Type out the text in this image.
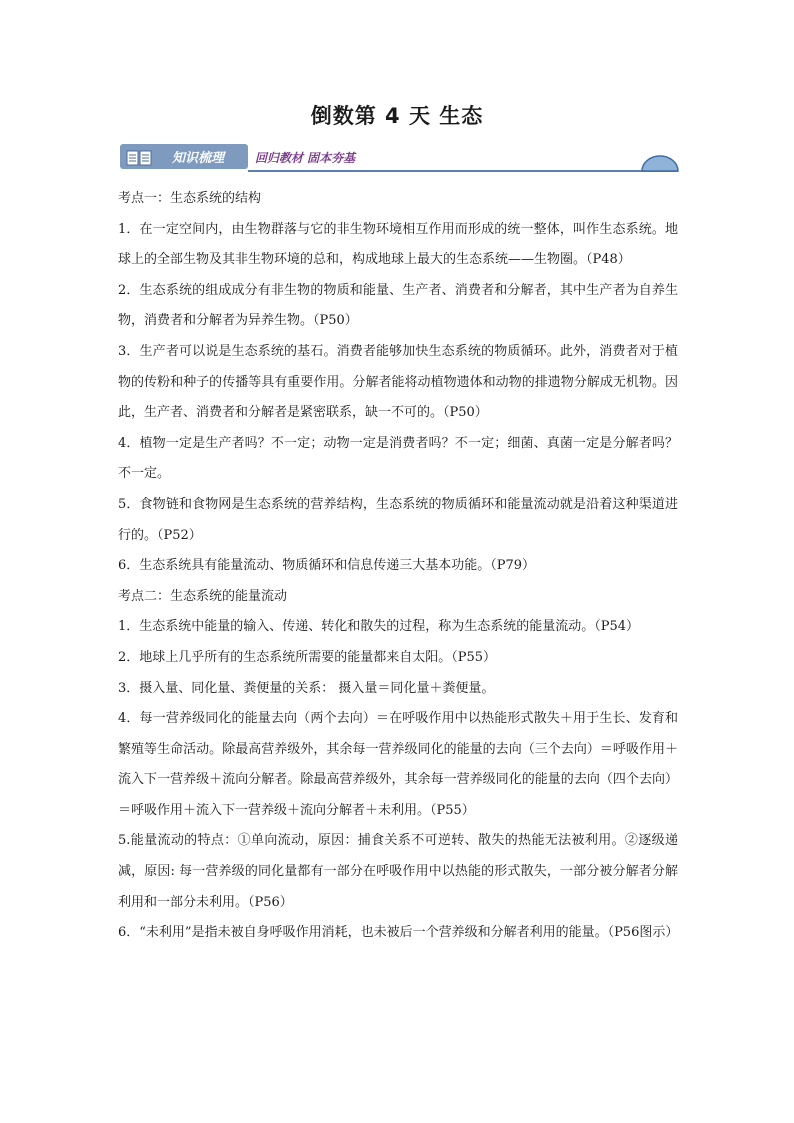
倒数第 4 天 生态
知识梳理	回归教材 固本夯基

考点一：生态系统的结构

1．在一定空间内，由生物群落与它的非生物环境相互作用而形成的统一整体，叫作生态系统。地球上的全部生物及其非生物环境的总和，构成地球上最大的生态系统——生物圈。（P48）

2．生态系统的组成成分有非生物的物质和能量、生产者、消费者和分解者，其中生产者为自养生物，消费者和分解者为异养生物。（P50）

3．生产者可以说是生态系统的基石。消费者能够加快生态系统的物质循环。此外，消费者对于植物的传粉和种子的传播等具有重要作用。分解者能将动植物遗体和动物的排遗物分解成无机物。因此，生产者、消费者和分解者是紧密联系，缺一不可的。（P50）

4．植物一定是生产者吗？不一定；动物一定是消费者吗？不一定；细菌、真菌一定是分解者吗？不一定。

5．食物链和食物网是生态系统的营养结构，生态系统的物质循环和能量流动就是沿着这种渠道进行的。（P52）

6．生态系统具有能量流动、物质循环和信息传递三大基本功能。（P79）

考点二：生态系统的能量流动

1．生态系统中能量的输入、传递、转化和散失的过程，称为生态系统的能量流动。（P54）

2．地球上几乎所有的生态系统所需要的能量都来自太阳。（P55）

3．摄入量、同化量、粪便量的关系： 摄入量＝同化量＋粪便量。

4．每一营养级同化的能量去向（两个去向）＝在呼吸作用中以热能形式散失＋用于生长、发育和繁殖等生命活动。除最高营养级外，其余每一营养级同化的能量的去向（三个去向）＝呼吸作用＋流入下一营养级＋流向分解者。除最高营养级外，其余每一营养级同化的能量的去向（四个去向）＝呼吸作用＋流入下一营养级＋流向分解者＋未利用。（P55）

5.能量流动的特点：①单向流动，原因：捕食关系不可逆转、散失的热能无法被利用。②逐级递减，原因: 每一营养级的同化量都有一部分在呼吸作用中以热能的形式散失，一部分被分解者分解利用和一部分未利用。（P56）

6．“未利用”是指未被自身呼吸作用消耗，也未被后一个营养级和分解者利用的能量。（P56图示）
